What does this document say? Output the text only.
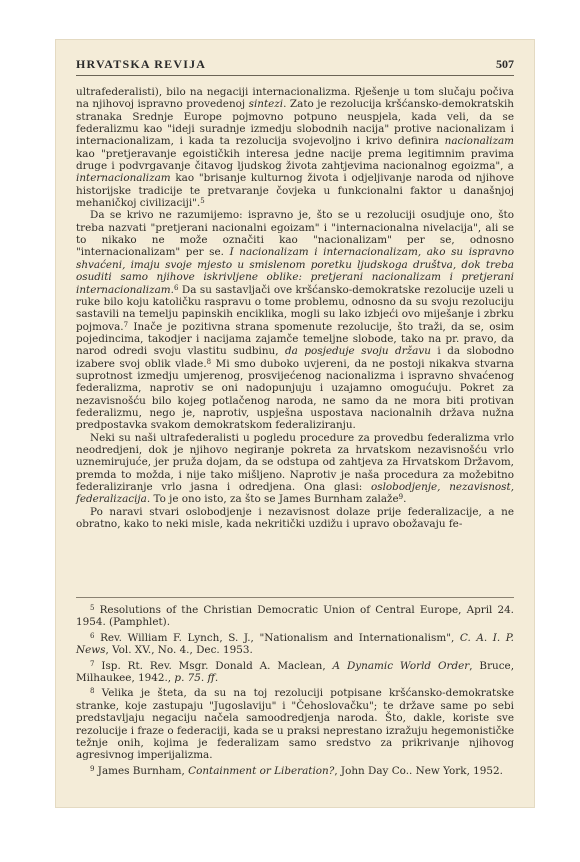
HRVATSKA REVIJA	507

ultrafederalisti), bilo na negaciji internacionalizma. Rješenje u tom slučaju počiva na njihovoj ispravno provedenoj sintezi. Zato je rezolucija kršćansko-demokratskih stranaka Srednje Europe pojmovno potpuno neuspjela, kada veli, da se federalizmu kao "ideji suradnje izmedju slobodnih nacija" protive nacionalizam i internacionalizam, i kada ta rezolucija svojevoljno i krivo definira nacionalizam kao "pretjeravanje egoističkih interesa jedne nacije prema legitimnim pravima druge i podvrgavanje čitavog ljudskog života zahtjevima nacionalnog egoizma", a internacionalizam kao "brisanje kulturnog života i odjeljivanje naroda od njihove historijske tradicije te pretvaranje čovjeka u funkcionalni faktor u današnjoj mehaničkoj civilizaciji".$^5$

Da se krivo ne razumijemo: ispravno je, što se u rezoluciji osudjuje ono, što treba nazvati "pretjerani nacionalni egoizam" i "internacionalna nivelacija", ali se to nikako ne može označiti kao "nacionalizam" per se, odnosno "internacionalizam" per se. I nacionalizam i internacionalizam, ako su ispravno shvaćeni, imaju svoje mjesto u smislenom poretku ljudskoga društva, dok treba osuditi samo njihove iskrivljene oblike: pretjerani nacionalizam i pretjerani internacionalizam.$^6$ Da su sastavljači ove kršćansko-demokratske rezolucije uzeli u ruke bilo koju katoličku raspravu o tome problemu, odnosno da su svoju rezoluciju sastavili na temelju papinskih enciklika, mogli su lako izbjeći ovo miješanje i zbrku pojmova.$^7$ Inače je pozitivna strana spomenute rezolucije, što traži, da se, osim pojedincima, takodjer i nacijama zajamče temeljne slobode, tako na pr. pravo, da narod odredi svoju vlastitu sudbinu, da posjeduje svoju državu i da slobodno izabere svoj oblik vlade.$^8$ Mi smo duboko uvjereni, da ne postoji nikakva stvarna suprotnost izmedju umjerenog, prosvijećenog nacionalizma i ispravno shvaćenog federalizma, naprotiv se oni nadopunjuju i uzajamno omogućuju. Pokret za nezavisnošću bilo kojeg potlačenog naroda, ne samo da ne mora biti protivan federalizmu, nego je, naprotiv, uspješna uspostava nacionalnih država nužna predpostavka svakom demokratskom federaliziranju.

Neki su naši ultrafederalisti u pogledu procedure za provedbu federalizma vrlo neodredjeni, dok je njihovo negiranje pokreta za hrvatskom nezavisnošću vrlo uznemirujuće, jer pruža dojam, da se odstupa od zahtjeva za Hrvatskom Državom, premda to možda, i nije tako mišljeno. Naprotiv je naša procedura za možebitno federaliziranje vrlo jasna i odredjena. Ona glasi: oslobodjenje, nezavisnost, federalizacija. To je ono isto, za što se James Burnham zalaže$^9$.

Po naravi stvari oslobodjenje i nezavisnost dolaze prije federalizacije, a ne obratno, kako to neki misle, kada nekritički uzdižu i upravo obožavaju fe-

$^5$ Resolutions of the Christian Democratic Union of Central Europe, April 24. 1954. (Pamphlet).

$^6$ Rev. William F. Lynch, S. J., "Nationalism and Internationalism", C. A. I. P. News, Vol. XV., No. 4., Dec. 1953.

$^7$ Isp. Rt. Rev. Msgr. Donald A. Maclean, A Dynamic World Order, Bruce, Milhaukee, 1942., p. 75. ff.

$^8$ Velika je šteta, da su na toj rezoluciji potpisane kršćansko-demokratske stranke, koje zastupaju "Jugoslaviju" i "Čehoslovačku"; te države same po sebi predstavljaju negaciju načela samoodredjenja naroda. Što, dakle, koriste sve rezolucije i fraze o federaciji, kada se u praksi neprestano izražuju hegemonističke težnje onih, kojima je federalizam samo sredstvo za prikrivanje njihovog agresivnog imperijalizma.

$^9$ James Burnham, Containment or Liberation?, John Day Co.. New York, 1952.
